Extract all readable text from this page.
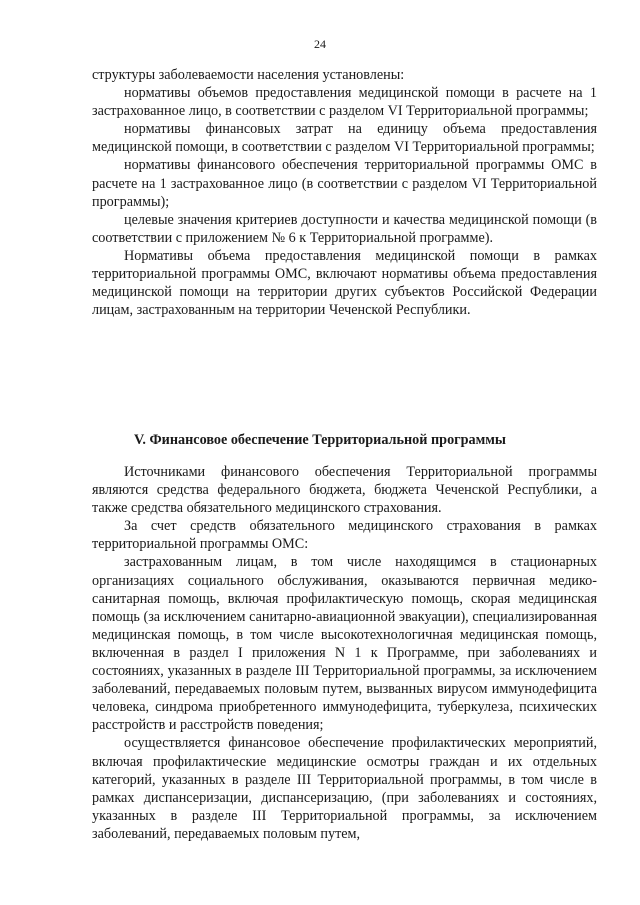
24

структуры заболеваемости населения установлены:

нормативы объемов предоставления медицинской помощи в расчете на 1 застрахованное лицо, в соответствии с разделом VI Территориальной программы;

нормативы финансовых затрат на единицу объема предоставления медицинской помощи, в соответствии с разделом VI Территориальной программы;

нормативы финансового обеспечения территориальной программы ОМС в расчете на 1 застрахованное лицо (в соответствии с разделом VI Территориальной программы);

целевые значения критериев доступности и качества медицинской помощи (в соответствии с приложением № 6 к Территориальной программе).

Нормативы объема предоставления медицинской помощи в рамках территориальной программы ОМС, включают нормативы объема предоставления медицинской помощи на территории других субъектов Российской Федерации лицам, застрахованным на территории Чеченской Республики.

V. Финансовое обеспечение Территориальной программы

Источниками финансового обеспечения Территориальной программы являются средства федерального бюджета, бюджета Чеченской Республики, а также средства обязательного медицинского страхования.

За счет средств обязательного медицинского страхования в рамках территориальной программы ОМС:

застрахованным лицам, в том числе находящимся в стационарных организациях социального обслуживания, оказываются первичная медико-санитарная помощь, включая профилактическую помощь, скорая медицинская помощь (за исключением санитарно-авиационной эвакуации), специализированная медицинская помощь, в том числе высокотехнологичная медицинская помощь, включенная в раздел I приложения N 1 к Программе, при заболеваниях и состояниях, указанных в разделе III Территориальной программы, за исключением заболеваний, передаваемых половым путем, вызванных вирусом иммунодефицита человека, синдрома приобретенного иммунодефицита, туберкулеза, психических расстройств и расстройств поведения;

осуществляется финансовое обеспечение профилактических мероприятий, включая профилактические медицинские осмотры граждан и их отдельных категорий, указанных в разделе III Территориальной программы, в том числе в рамках диспансеризации, диспансеризацию, (при заболеваниях и состояниях, указанных в разделе III Территориальной программы, за исключением заболеваний, передаваемых половым путем,
